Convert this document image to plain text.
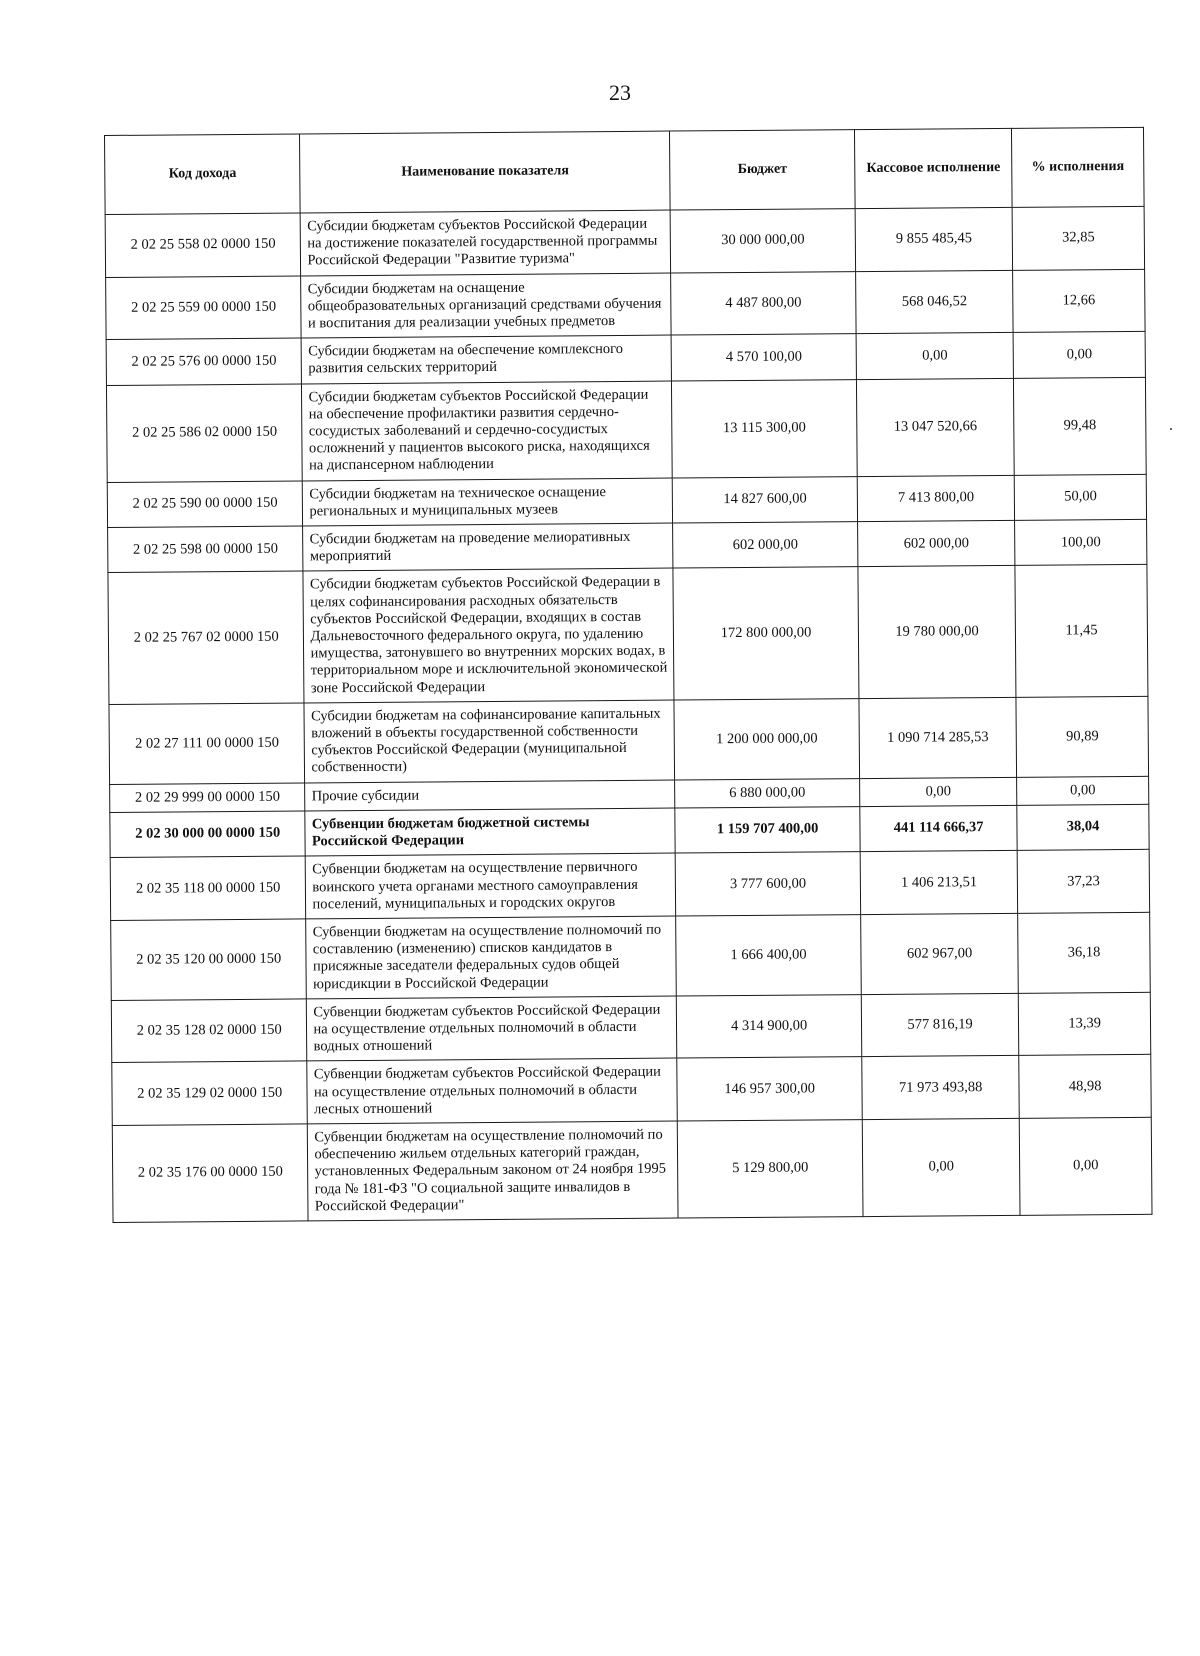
23
Код дохода	Наименование показателя	Бюджет	Кассовое исполнение	% исполнения
2 02 25 558 02 0000 150	Субсидии бюджетам субъектов Российской Федерации на достижение показателей государственной программы Российской Федерации "Развитие туризма"	30 000 000,00	9 855 485,45	32,85
2 02 25 559 00 0000 150	Субсидии бюджетам на оснащение общеобразовательных организаций средствами обучения и воспитания для реализации учебных предметов	4 487 800,00	568 046,52	12,66
2 02 25 576 00 0000 150	Субсидии бюджетам на обеспечение комплексного развития сельских территорий	4 570 100,00	0,00	0,00
2 02 25 586 02 0000 150	Субсидии бюджетам субъектов Российской Федерации на обеспечение профилактики развития сердечно-сосудистых заболеваний и сердечно-сосудистых осложнений у пациентов высокого риска, находящихся на диспансерном наблюдении	13 115 300,00	13 047 520,66	99,48
2 02 25 590 00 0000 150	Субсидии бюджетам на техническое оснащение региональных и муниципальных музеев	14 827 600,00	7 413 800,00	50,00
2 02 25 598 00 0000 150	Субсидии бюджетам на проведение мелиоративных мероприятий	602 000,00	602 000,00	100,00
2 02 25 767 02 0000 150	Субсидии бюджетам субъектов Российской Федерации в целях софинансирования расходных обязательств субъектов Российской Федерации, входящих в состав Дальневосточного федерального округа, по удалению имущества, затонувшего во внутренних морских водах, в территориальном море и исключительной экономической зоне Российской Федерации	172 800 000,00	19 780 000,00	11,45
2 02 27 111 00 0000 150	Субсидии бюджетам на софинансирование капитальных вложений в объекты государственной собственности субъектов Российской Федерации (муниципальной собственности)	1 200 000 000,00	1 090 714 285,53	90,89
2 02 29 999 00 0000 150	Прочие субсидии	6 880 000,00	0,00	0,00
2 02 30 000 00 0000 150	Субвенции бюджетам бюджетной системы Российской Федерации	1 159 707 400,00	441 114 666,37	38,04
2 02 35 118 00 0000 150	Субвенции бюджетам на осуществление первичного воинского учета органами местного самоуправления поселений, муниципальных и городских округов	3 777 600,00	1 406 213,51	37,23
2 02 35 120 00 0000 150	Субвенции бюджетам на осуществление полномочий по составлению (изменению) списков кандидатов в присяжные заседатели федеральных судов общей юрисдикции в Российской Федерации	1 666 400,00	602 967,00	36,18
2 02 35 128 02 0000 150	Субвенции бюджетам субъектов Российской Федерации на осуществление отдельных полномочий в области водных отношений	4 314 900,00	577 816,19	13,39
2 02 35 129 02 0000 150	Субвенции бюджетам субъектов Российской Федерации на осуществление отдельных полномочий в области лесных отношений	146 957 300,00	71 973 493,88	48,98
2 02 35 176 00 0000 150	Субвенции бюджетам на осуществление полномочий по обеспечению жильем отдельных категорий граждан, установленных Федеральным законом от 24 ноября 1995 года № 181-ФЗ "О социальной защите инвалидов в Российской Федерации"	5 129 800,00	0,00	0,00
